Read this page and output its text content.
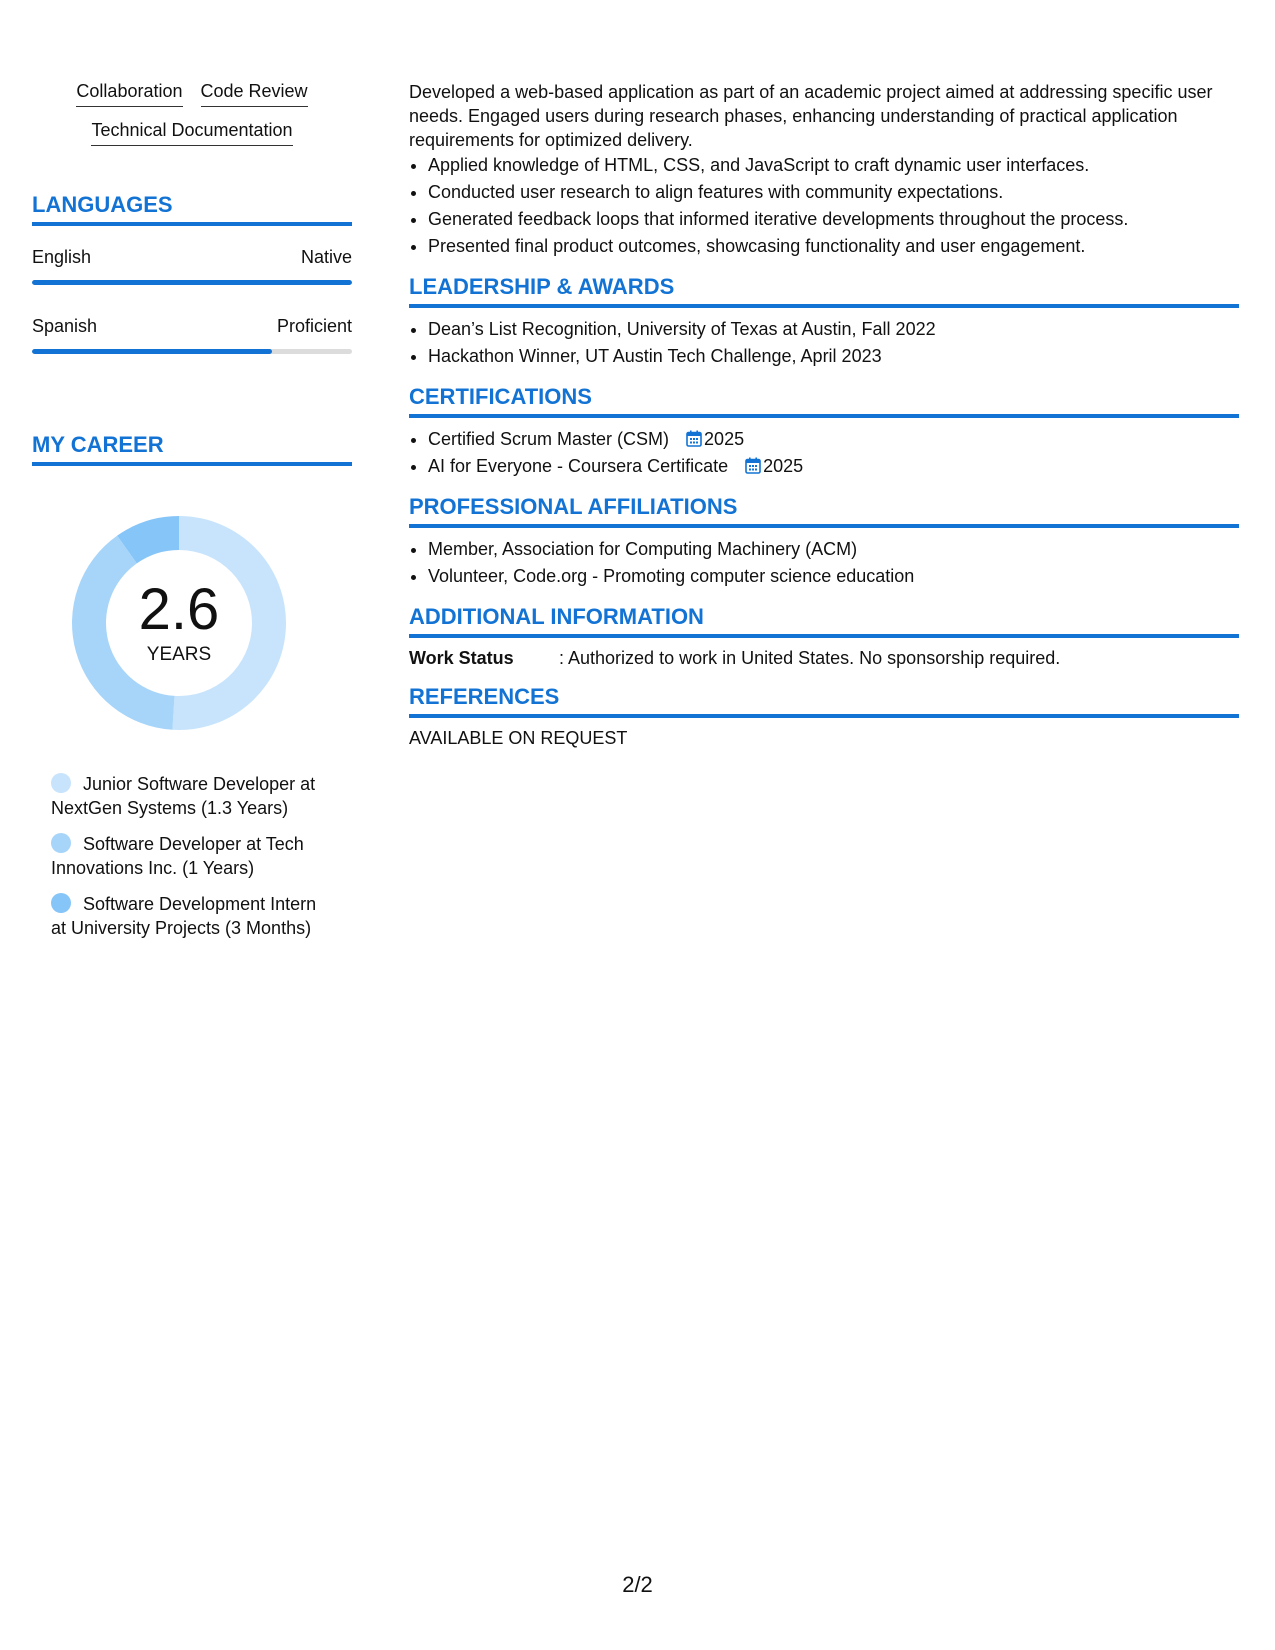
Collaboration Code Review
Technical Documentation
LANGUAGES
English	Native
Spanish	Proficient
MY CAREER
2.6
YEARS
Junior Software Developer at NextGen Systems (1.3 Years)
Software Developer at Tech Innovations Inc. (1 Years)
Software Development Intern at University Projects (3 Months)
Developed a web-based application as part of an academic project aimed at addressing specific user needs. Engaged users during research phases, enhancing understanding of practical application requirements for optimized delivery.
• Applied knowledge of HTML, CSS, and JavaScript to craft dynamic user interfaces.
• Conducted user research to align features with community expectations.
• Generated feedback loops that informed iterative developments throughout the process.
• Presented final product outcomes, showcasing functionality and user engagement.
LEADERSHIP & AWARDS
• Dean’s List Recognition, University of Texas at Austin, Fall 2022
• Hackathon Winner, UT Austin Tech Challenge, April 2023
CERTIFICATIONS
• Certified Scrum Master (CSM) 2025
• AI for Everyone - Coursera Certificate 2025
PROFESSIONAL AFFILIATIONS
• Member, Association for Computing Machinery (ACM)
• Volunteer, Code.org - Promoting computer science education
ADDITIONAL INFORMATION
Work Status	: Authorized to work in United States. No sponsorship required.
REFERENCES
AVAILABLE ON REQUEST
2/2
